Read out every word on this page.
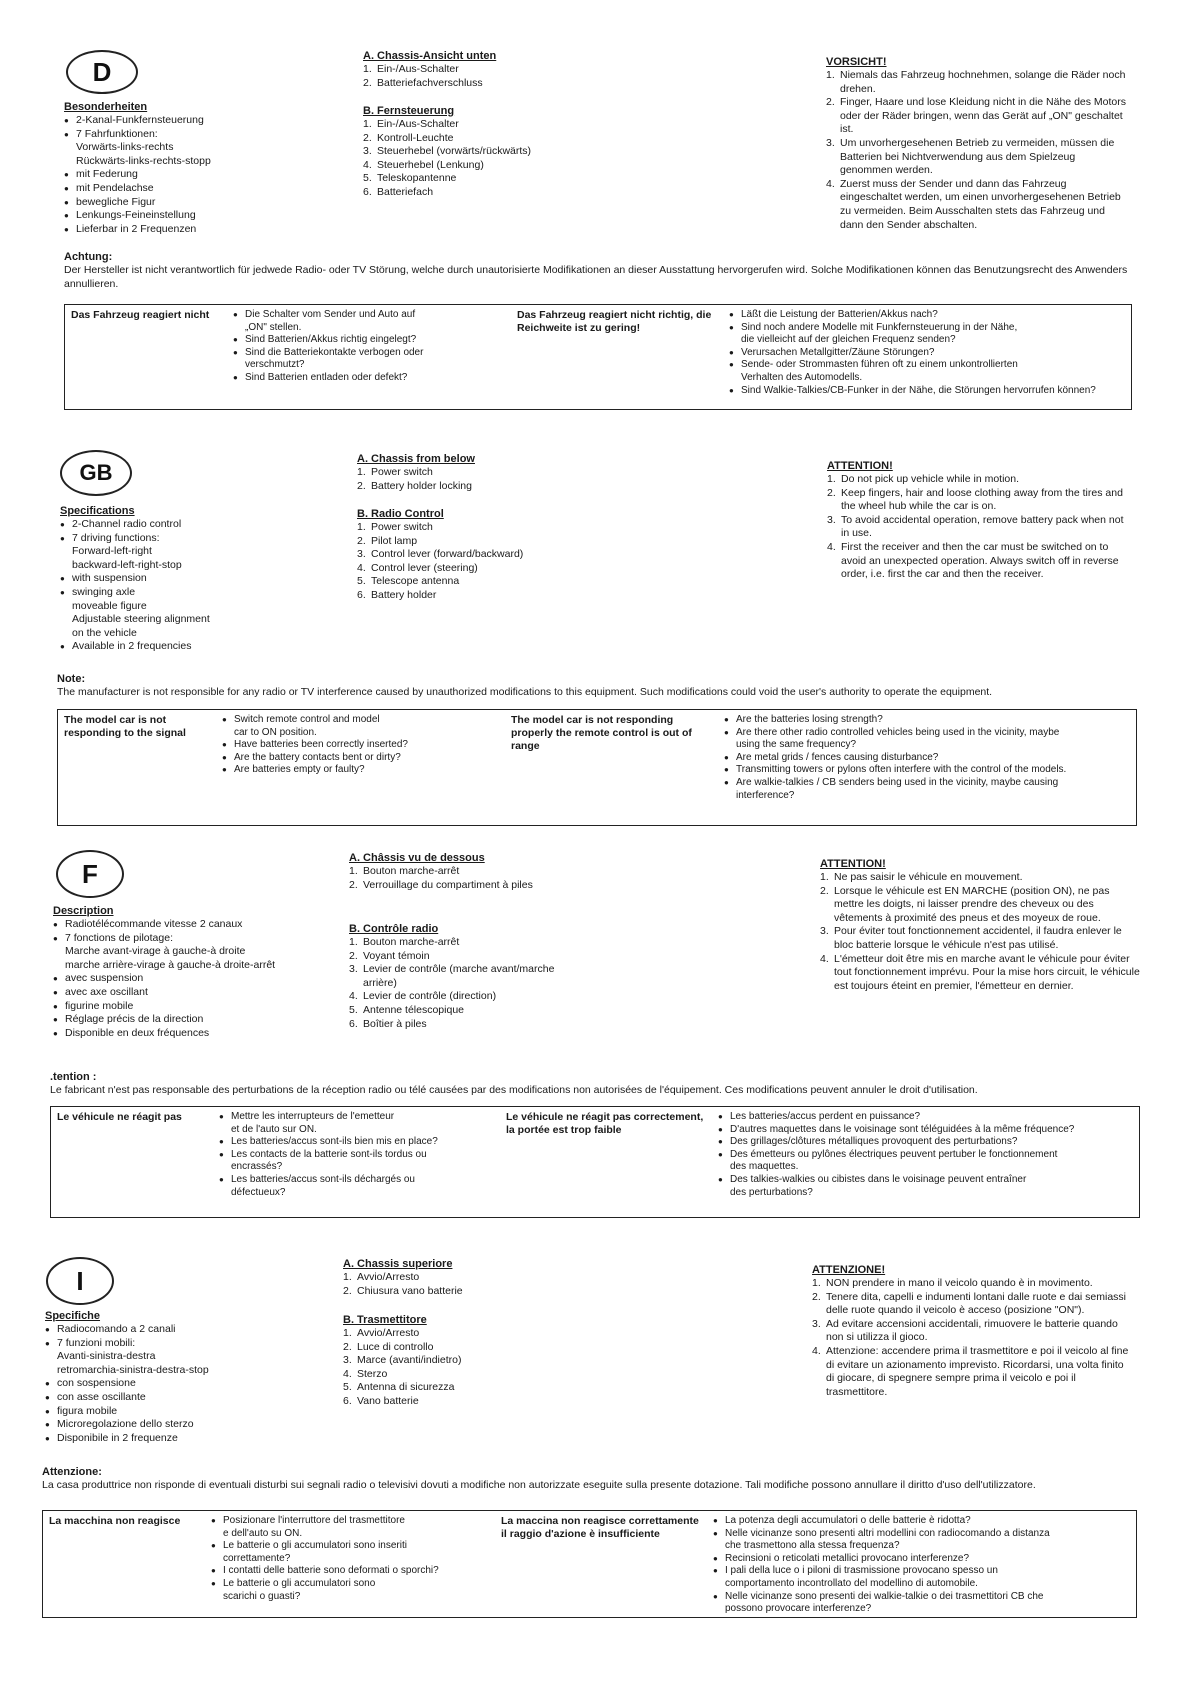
D
Besonderheiten
● 2-Kanal-Funkfernsteuerung
● 7 Fahrfunktionen:
Vorwärts-links-rechts
Rückwärts-links-rechts-stopp
● mit Federung
● mit Pendelachse
● bewegliche Figur
● Lenkungs-Feineinstellung
● Lieferbar in 2 Frequenzen
A. Chassis-Ansicht unten
1. Ein-/Aus-Schalter
2. Batteriefachverschluss
B. Fernsteuerung
1. Ein-/Aus-Schalter
2. Kontroll-Leuchte
3. Steuerhebel (vorwärts/rückwärts)
4. Steuerhebel (Lenkung)
5. Teleskopantenne
6. Batteriefach
VORSICHT!
1. Niemals das Fahrzeug hochnehmen, solange die Räder noch drehen.
2. Finger, Haare und lose Kleidung nicht in die Nähe des Motors oder der Räder bringen, wenn das Gerät auf „ON" geschaltet ist.
3. Um unvorhergesehenen Betrieb zu vermeiden, müssen die Batterien bei Nichtverwendung aus dem Spielzeug genommen werden.
4. Zuerst muss der Sender und dann das Fahrzeug eingeschaltet werden, um einen unvorhergesehenen Betrieb zu vermeiden. Beim Ausschalten stets das Fahrzeug und dann den Sender abschalten.
Achtung:
Der Hersteller ist nicht verantwortlich für jedwede Radio- oder TV Störung, welche durch unautorisierte Modifikationen an dieser Ausstattung hervorgerufen wird. Solche Modifikationen können das Benutzungsrecht des Anwenders annullieren.
Das Fahrzeug reagiert nicht	● Die Schalter vom Sender und Auto auf
„ON" stellen.
● Sind Batterien/Akkus richtig eingelegt?
● Sind die Batteriekontakte verbogen oder
verschmutzt?
● Sind Batterien entladen oder defekt?
Das Fahrzeug reagiert nicht richtig, die Reichweite ist zu gering!
● Läßt die Leistung der Batterien/Akkus nach?
● Sind noch andere Modelle mit Funkfernsteuerung in der Nähe,
die vielleicht auf der gleichen Frequenz senden?
● Verursachen Metallgitter/Zäune Störungen?
● Sende- oder Strommasten führen oft zu einem unkontrollierten
Verhalten des Automodells.
● Sind Walkie-Talkies/CB-Funker in der Nähe, die Störungen hervorrufen können?
GB
Specifications
● 2-Channel radio control
● 7 driving functions:
Forward-left-right
backward-left-right-stop
● with suspension
● swinging axle
moveable figure
Adjustable steering alignment
on the vehicle
● Available in 2 frequencies
A. Chassis from below
1. Power switch
2. Battery holder locking
B. Radio Control
1. Power switch
2. Pilot lamp
3. Control lever (forward/backward)
4. Control lever (steering)
5. Telescope antenna
6. Battery holder
ATTENTION!
1. Do not pick up vehicle while in motion.
2. Keep fingers, hair and loose clothing away from the tires and the wheel hub while the car is on.
3. To avoid accidental operation, remove battery pack when not in use.
4. First the receiver and then the car must be switched on to avoid an unexpected operation. Always switch off in reverse order, i.e. first the car and then the receiver.
Note:
The manufacturer is not responsible for any radio or TV interference caused by unauthorized modifications to this equipment. Such modifications could void the user's authority to operate the equipment.
The model car is not responding to the signal
● Switch remote control and model
car to ON position.
● Have batteries been correctly inserted?
● Are the battery contacts bent or dirty?
● Are batteries empty or faulty?
The model car is not responding properly the remote control is out of range
● Are the batteries losing strength?
● Are there other radio controlled vehicles being used in the vicinity, maybe
using the same frequency?
● Are metal grids / fences causing disturbance?
● Transmitting towers or pylons often interfere with the control of the models.
● Are walkie-talkies / CB senders being used in the vicinity, maybe causing
interference?
F
Description
● Radiotélécommande vitesse 2 canaux
● 7 fonctions de pilotage:
Marche avant-virage à gauche-à droite
marche arrière-virage à gauche-à droite-arrêt
● avec suspension
● avec axe oscillant
● figurine mobile
● Réglage précis de la direction
● Disponible en deux fréquences
A. Châssis vu de dessous
1. Bouton marche-arrêt
2. Verrouillage du compartiment à piles
B. Contrôle radio
1. Bouton marche-arrêt
2. Voyant témoin
3. Levier de contrôle (marche avant/marche arrière)
4. Levier de contrôle (direction)
5. Antenne télescopique
6. Boîtier à piles
ATTENTION!
1. Ne pas saisir le véhicule en mouvement.
2. Lorsque le véhicule est EN MARCHE (position ON), ne pas mettre les doigts, ni laisser prendre des cheveux ou des vêtements à proximité des pneus et des moyeux de roue.
3. Pour éviter tout fonctionnement accidentel, il faudra enlever le bloc batterie lorsque le véhicule n'est pas utilisé.
4. L'émetteur doit être mis en marche avant le véhicule pour éviter tout fonctionnement imprévu. Pour la mise hors circuit, le véhicule est toujours éteint en premier, l'émetteur en dernier.
.tention :
Le fabricant n'est pas responsable des perturbations de la réception radio ou télé causées par des modifications non autorisées de l'équipement. Ces modifications peuvent annuler le droit d'utilisation.
Le véhicule ne réagit pas	● Mettre les interrupteurs de l'emetteur
et de l'auto sur ON.
● Les batteries/accus sont-ils bien mis en place?
● Les contacts de la batterie sont-ils tordus ou
encrassés?
● Les batteries/accus sont-ils déchargés ou
défectueux?
Le véhicule ne réagit pas correctement, la portée est trop faible
● Les batteries/accus perdent en puissance?
● D'autres maquettes dans le voisinage sont téléguidées à la même fréquence?
● Des grillages/clôtures métalliques provoquent des perturbations?
● Des émetteurs ou pylônes électriques peuvent pertuber le fonctionnement
des maquettes.
● Des talkies-walkies ou cibistes dans le voisinage peuvent entraîner
des perturbations?
I
Specifiche
● Radiocomando a 2 canali
● 7 funzioni mobili:
Avanti-sinistra-destra
retromarchia-sinistra-destra-stop
● con sospensione
● con asse oscillante
● figura mobile
● Microregolazione dello sterzo
● Disponibile in 2 frequenze
A. Chassis superiore
1. Avvio/Arresto
2. Chiusura vano batterie
B. Trasmettitore
1. Avvio/Arresto
2. Luce di controllo
3. Marce (avanti/indietro)
4. Sterzo
5. Antenna di sicurezza
6. Vano batterie
ATTENZIONE!
1. NON prendere in mano il veicolo quando è in movimento.
2. Tenere dita, capelli e indumenti lontani dalle ruote e dai semiassi delle ruote quando il veicolo è acceso (posizione "ON").
3. Ad evitare accensioni accidentali, rimuovere le batterie quando non si utilizza il gioco.
4. Attenzione: accendere prima il trasmettitore e poi il veicolo al fine di evitare un azionamento imprevisto. Ricordarsi, una volta finito di giocare, di spegnere sempre prima il veicolo e poi il trasmettitore.
Attenzione:
La casa produttrice non risponde di eventuali disturbi sui segnali radio o televisivi dovuti a modifiche non autorizzate eseguite sulla presente dotazione. Tali modifiche possono annullare il diritto d'uso dell'utilizzatore.
La macchina non reagisce	● Posizionare l'interruttore del trasmettitore
e dell'auto su ON.
● Le batterie o gli accumulatori sono inseriti
correttamente?
● I contatti delle batterie sono deformati o sporchi?
● Le batterie o gli accumulatori sono
scarichi o guasti?
La maccina non reagisce correttamente il raggio d'azione è insufficiente
● La potenza degli accumulatori o delle batterie è ridotta?
● Nelle vicinanze sono presenti altri modellini con radiocomando a distanza
che trasmettono alla stessa frequenza?
● Recinsioni o reticolati metallici provocano interferenze?
● I pali della luce o i piloni di trasmissione provocano spesso un
comportamento incontrollato del modellino di automobile.
● Nelle vicinanze sono presenti dei walkie-talkie o dei trasmettitori CB che
possono provocare interferenze?
